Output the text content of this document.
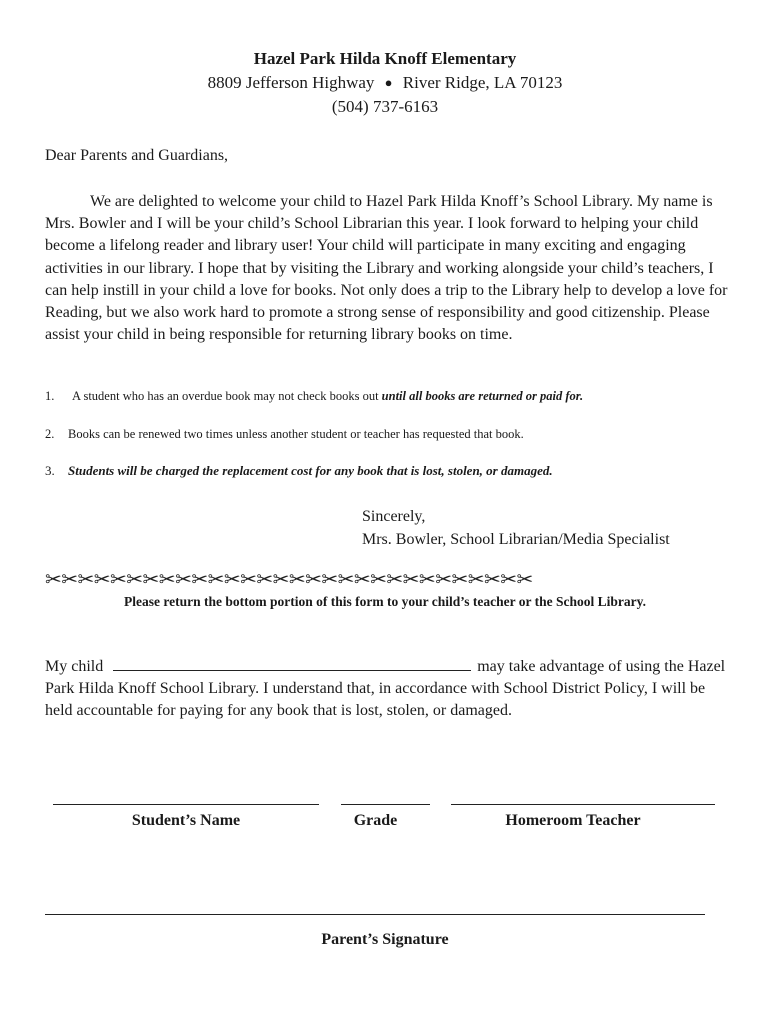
Hazel Park Hilda Knoff Elementary
8809 Jefferson Highway ● River Ridge, LA 70123
(504) 737-6163
Dear Parents and Guardians,
We are delighted to welcome your child to Hazel Park Hilda Knoff’s School Library. My name is Mrs. Bowler and I will be your child’s School Librarian this year. I look forward to helping your child become a lifelong reader and library user! Your child will participate in many exciting and engaging activities in our library. I hope that by visiting the Library and working alongside your child’s teachers, I can help instill in your child a love for books. Not only does a trip to the Library help to develop a love for Reading, but we also work hard to promote a strong sense of responsibility and good citizenship. Please assist your child in being responsible for returning library books on time.
1. A student who has an overdue book may not check books out until all books are returned or paid for.
2. Books can be renewed two times unless another student or teacher has requested that book.
3. Students will be charged the replacement cost for any book that is lost, stolen, or damaged.
Sincerely,
Mrs. Bowler, School Librarian/Media Specialist
✂✂✂✂✂✂✂✂✂✂✂✂✂✂✂✂✂✂✂✂✂✂✂✂✂✂✂✂✂✂
Please return the bottom portion of this form to your child’s teacher or the School Library.
My child	may take advantage of using the Hazel Park Hilda Knoff School Library. I understand that, in accordance with School District Policy, I will be held accountable for paying for any book that is lost, stolen, or damaged.
Student’s Name	Grade	Homeroom Teacher
Parent’s Signature
